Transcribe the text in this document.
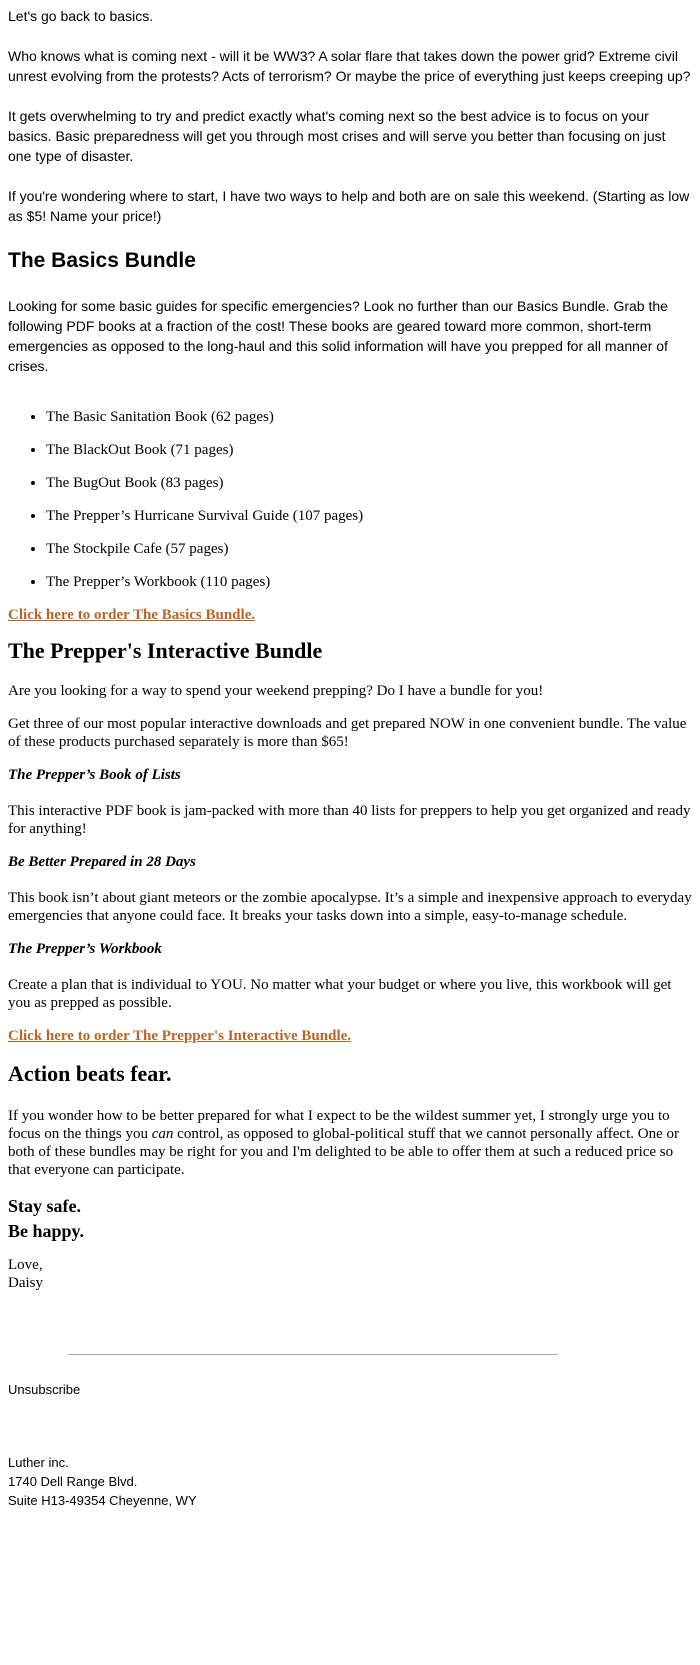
Let's go back to basics.

Who knows what is coming next - will it be WW3? A solar flare that takes down the power grid? Extreme civil unrest evolving from the protests? Acts of terrorism? Or maybe the price of everything just keeps creeping up?

It gets overwhelming to try and predict exactly what's coming next so the best advice is to focus on your basics. Basic preparedness will get you through most crises and will serve you better than focusing on just one type of disaster.

If you're wondering where to start, I have two ways to help and both are on sale this weekend. (Starting as low as $5! Name your price!)

The Basics Bundle

Looking for some basic guides for specific emergencies? Look no further than our Basics Bundle. Grab the following PDF books at a fraction of the cost! These books are geared toward more common, short-term emergencies as opposed to the long-haul and this solid information will have you prepped for all manner of crises.

• The Basic Sanitation Book (62 pages)
• The BlackOut Book (71 pages)
• The BugOut Book (83 pages)
• The Prepper’s Hurricane Survival Guide (107 pages)
• The Stockpile Cafe (57 pages)
• The Prepper’s Workbook (110 pages)
Click here to order The Basics Bundle.
The Prepper's Interactive Bundle

Are you looking for a way to spend your weekend prepping? Do I have a bundle for you!

Get three of our most popular interactive downloads and get prepared NOW in one convenient bundle. The value of these products purchased separately is more than $65!

The Prepper’s Book of Lists

This interactive PDF book is jam-packed with more than 40 lists for preppers to help you get organized and ready for anything!

Be Better Prepared in 28 Days

This book isn’t about giant meteors or the zombie apocalypse. It’s a simple and inexpensive approach to everyday emergencies that anyone could face. It breaks your tasks down into a simple, easy-to-manage schedule.

The Prepper’s Workbook

Create a plan that is individual to YOU. No matter what your budget or where you live, this workbook will get you as prepped as possible.

Click here to order The Prepper's Interactive Bundle.
Action beats fear.

If you wonder how to be better prepared for what I expect to be the wildest summer yet, I strongly urge you to focus on the things you can control, as opposed to global-political stuff that we cannot personally affect. One or both of these bundles may be right for you and I'm delighted to be able to offer them at such a reduced price so that everyone can participate.

Stay safe.

Be happy.

Love,

Daisy

Unsubscribe

Luther inc.

1740 Dell Range Blvd.

Suite H13-49354 Cheyenne, WY
